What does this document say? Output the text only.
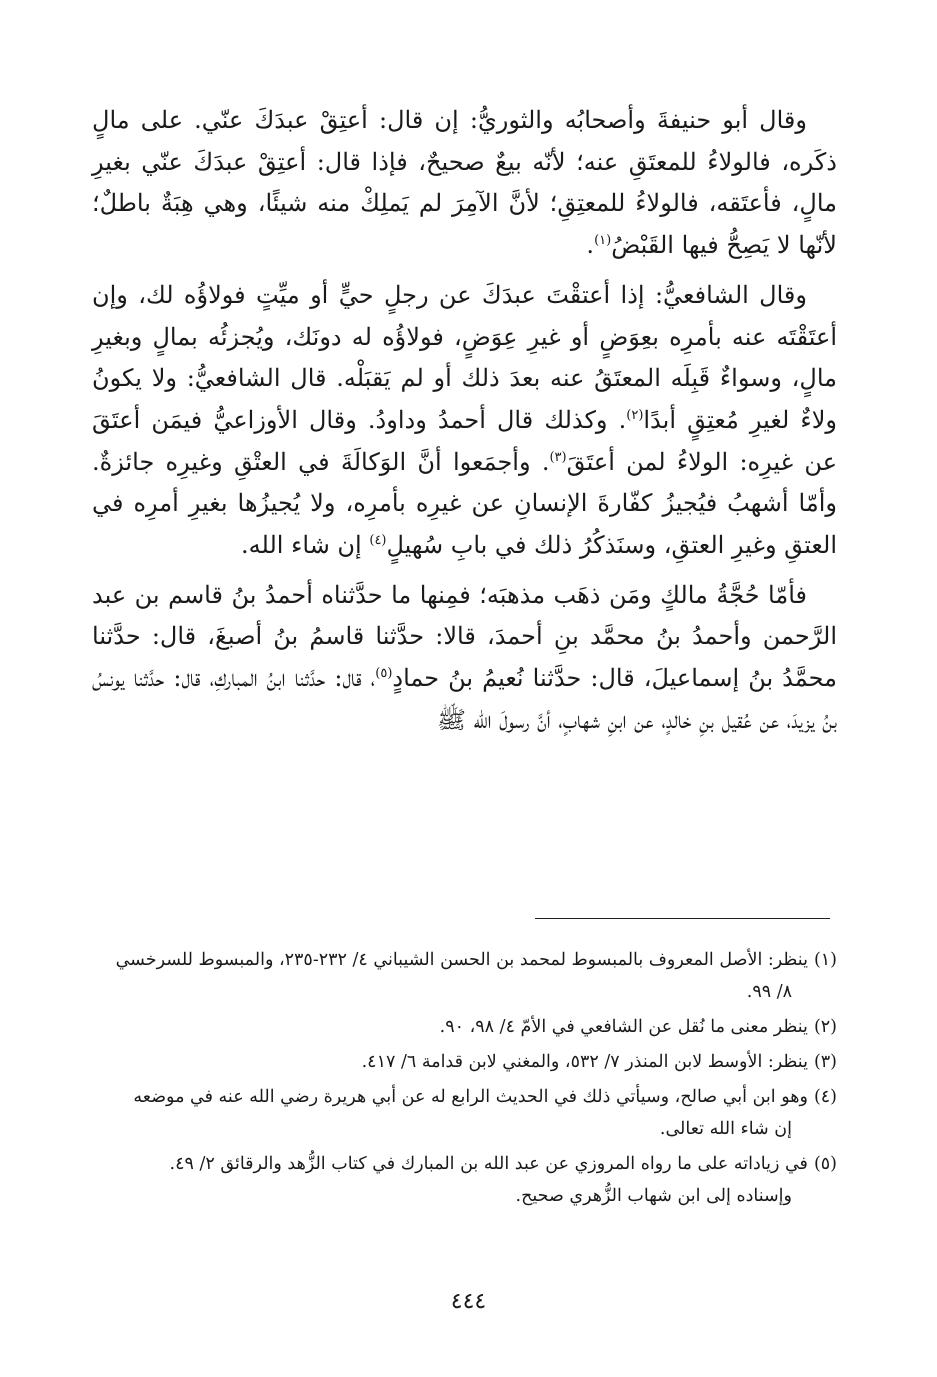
وقال أبو حنيفةَ وأصحابُه والثوريُّ: إن قال: أعتِقْ عبدَكَ عنّي. على مالٍ ذكَره، فالولاءُ للمعتَقِ عنه؛ لأنّه بيعٌ صحيحٌ، فإذا قال: أعتِقْ عبدَكَ عنّي بغيرِ مالٍ، فأعتَقه، فالولاءُ للمعتِقِ؛ لأنَّ الآمِرَ لم يَملِكْ منه شيئًا، وهي هِبَةٌ باطلٌ؛ لأنّها لا يَصِحُّ فيها القَبْضُ$^{(١)}$.

وقال الشافعيُّ: إذا أعتقْتَ عبدَكَ عن رجلٍ حيٍّ أو ميِّتٍ فولاؤُه لك، وإن أعتَقْتَه عنه بأمرِه بعِوَضٍ أو غيرِ عِوَضٍ، فولاؤُه له دونَك، ويُجزئُه بمالٍ وبغيرِ مالٍ، وسواءٌ قَبِلَه المعتَقُ عنه بعدَ ذلك أو لم يَقبَلْه. قال الشافعيُّ: ولا يكونُ ولاءٌ لغيرِ مُعتِقٍ أبدًا$^{(٢)}$. وكذلك قال أحمدُ وداودُ. وقال الأوزاعيُّ فيمَن أعتَقَ عن غيرِه: الولاءُ لمن أعتَقَ$^{(٣)}$. وأجمَعوا أنَّ الوَكالَةَ في العتْقِ وغيرِه جائزةٌ. وأمّا أشهبُ فيُجيزُ كفّارةَ الإنسانِ عن غيرِه بأمرِه، ولا يُجيزُها بغيرِ أمرِه في العتقِ وغيرِ العتقِ، وسنَذكُرُ ذلك في بابِ سُهيلٍ$^{(٤)}$ إن شاء الله.

فأمّا حُجَّةُ مالكٍ ومَن ذهَب مذهبَه؛ فمِنها ما حدَّثناه أحمدُ بنُ قاسم بن عبد الرَّحمن وأحمدُ بنُ محمَّد بنِ أحمدَ، قالا: حدَّثنا قاسمُ بنُ أصبغَ، قال: حدَّثنا محمَّدُ بنُ إسماعيلَ، قال: حدَّثنا نُعيمُ بنُ حمادٍ$^{(٥)}$، قال: حدَّثنا ابنُ المباركِ، قال: حدَّثنا يونسُ بنُ يزيدَ، عن عُقيل بنِ خالدٍ، عن ابنِ شهابٍ، أنَّ رسولَ الله ﷺ

(١)ينظر: الأصل المعروف بالمبسوط لمحمد بن الحسن الشيباني ٤/ ٢٣٢-٢٣٥، والمبسوط للسرخسي
٨/ ٩٩.

(٢)ينظر معنى ما نُقل عن الشافعي في الأمّ ٤/ ٩٨، ٩٠.

(٣)ينظر: الأوسط لابن المنذر ٧/ ٥٣٢، والمغني لابن قدامة ٦/ ٤١٧.

(٤)وهو ابن أبي صالح، وسيأتي ذلك في الحديث الرابع له عن أبي هريرة رضي الله عنه في موضعه
إن شاء الله تعالى.

(٥)في زياداته على ما رواه المروزي عن عبد الله بن المبارك في كتاب الزُّهد والرقائق ٢/ ٤٩.
وإسناده إلى ابن شهاب الزُّهري صحيح.

٤٤٤
